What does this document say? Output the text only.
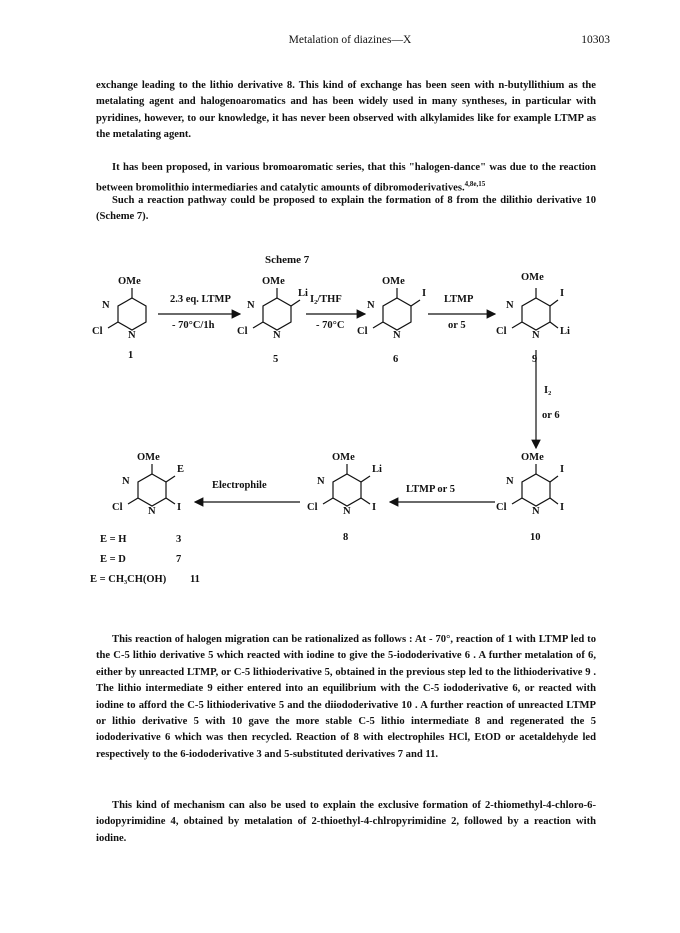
Metalation of diazines—X	10303
exchange leading to the lithio derivative 8. This kind of exchange has been seen with n-butyllithium as the metalating agent and halogenoaromatics and has been widely used in many syntheses, in particular with pyridines, however, to our knowledge, it has never been observed with alkylamides like for example LTMP as the metalating agent.
It has been proposed, in various bromoaromatic series, that this "halogen-dance" was due to the reaction between bromolithio intermediaries and catalytic amounts of dibromoderivatives.$^{4,8e,15}$
Such a reaction pathway could be proposed to explain the formation of 8 from the dilithio derivative 10 (Scheme 7).
Scheme 7
OMe
N
N
Cl
1
2.3 eq. LTMP
- 70°C/1h
OMe
N
N
Cl
Li
5
I₂/THF
- 70°C
OMe
N
N
Cl
I
6
LTMP
or 5
OMe
N
N
Cl
I
Li
9
I₂
or 6
OMe
N
N
Cl
I
I
10
LTMP or 5
OMe
N
N
Cl
Li
I
8
Electrophile
OMe
N
N
Cl
E
I
E = H	3
E = D	7
E = CH₃CH(OH) 11
This reaction of halogen migration can be rationalized as follows : At - 70°, reaction of 1 with LTMP led to the C-5 lithio derivative 5 which reacted with iodine to give the 5-iododerivative 6 . A further metalation of 6, either by unreacted LTMP, or C-5 lithioderivative 5, obtained in the previous step led to the lithioderivative 9 . The lithio intermediate 9 either entered into an equilibrium with the C-5 iododerivative 6, or reacted with iodine to afford the C-5 lithioderivative 5 and the diiododerivative 10 . A further reaction of unreacted LTMP or lithio derivative 5 with 10 gave the more stable C-5 lithio intermediate 8 and regenerated the 5 iododerivative 6 which was then recycled. Reaction of 8 with electrophiles HCl, EtOD or acetaldehyde led respectively to the 6-iododerivative 3 and 5-substituted derivatives 7 and 11.
This kind of mechanism can also be used to explain the exclusive formation of 2-thiomethyl-4-chloro-6-iodopyrimidine 4, obtained by metalation of 2-thioethyl-4-chlropyrimidine 2, followed by a reaction with iodine.
